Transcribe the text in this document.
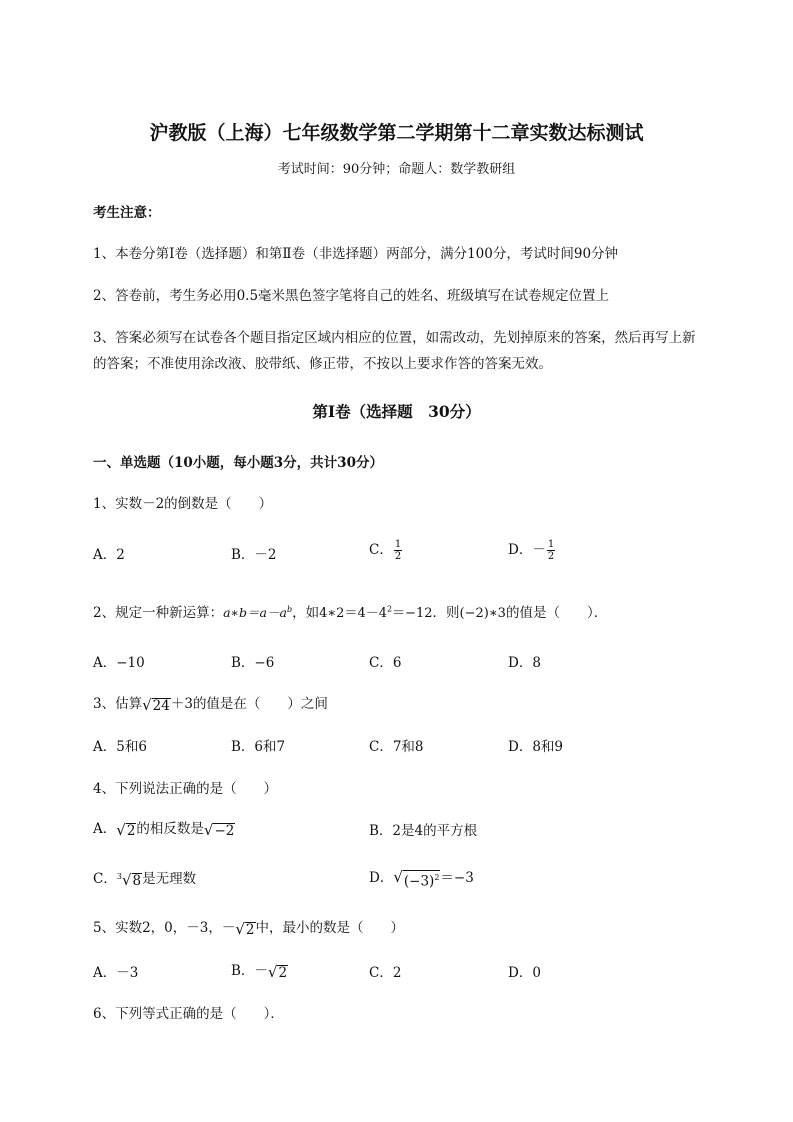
沪教版（上海）七年级数学第二学期第十二章实数达标测试
考试时间：90分钟；命题人：数学教研组
考生注意：
1、本卷分第I卷（选择题）和第Ⅱ卷（非选择题）两部分，满分100分，考试时间90分钟
2、答卷前，考生务必用0.5毫米黑色签字笔将自己的姓名、班级填写在试卷规定位置上
3、答案必须写在试卷各个题目指定区域内相应的位置，如需改动，先划掉原来的答案，然后再写上新
的答案；不准使用涂改液、胶带纸、修正带，不按以上要求作答的答案无效。
第I卷（选择题　30分）
一、单选题（10小题，每小题3分，共计30分）
1、实数－2的倒数是（　　）
A．2	B．－2	C． $\frac{1}{2}$	D．－ $\frac{1}{2}$
2、规定一种新运算：$a∗b=a-a^b$，如$4∗2=4-4^2=-12$．则(−2)∗3的值是（　　）．
A．−10	B．−6	C．6	D．8
3、估算 √ 24 ＋3的值是在（　　）之间
A．5和6	B．6和7	C．7和8	D．8和9
4、下列说法正确的是（　　）
A． √ 2 的相反数是 √ −2	B．2是4的平方根
C． 3 √ 8 是无理数	D． √ $(-3)^2 =-3$
5、实数2，0，－3，－ √ 2 中，最小的数是（　　）
A．－3	B．－ √ 2	C．2	D．0
6、下列等式正确的是（　　）．
